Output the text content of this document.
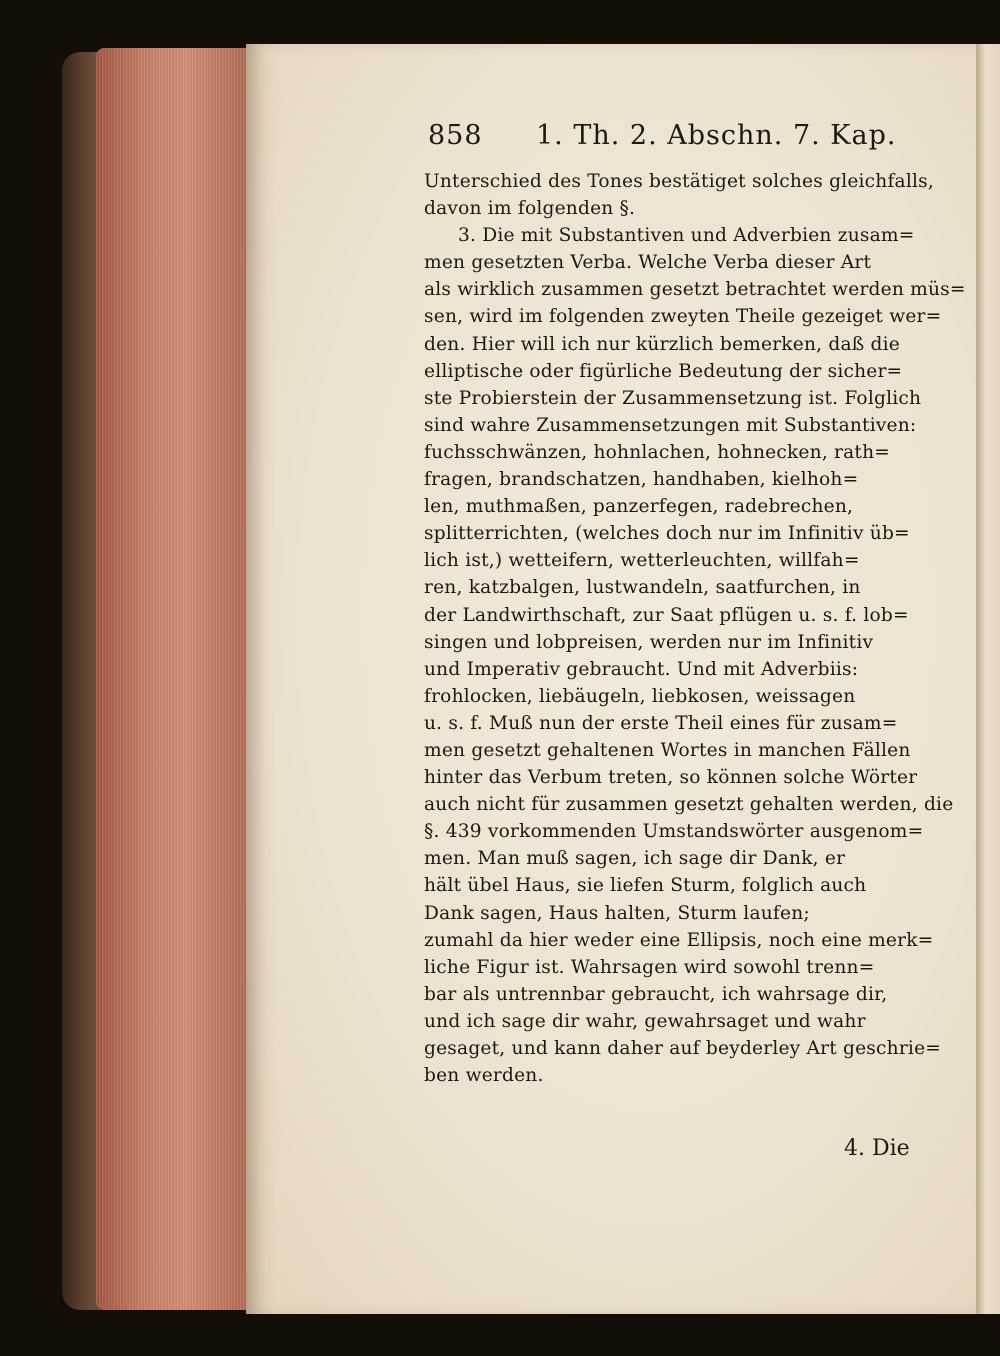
858 1. Th. 2. Abschn. 7. Kap.
Unterschied des Tones bestätiget solches gleichfalls,
davon im folgenden §.
3. Die mit Substantiven und Adverbien zusam=
men gesetzten Verba. Welche Verba dieser Art
als wirklich zusammen gesetzt betrachtet werden müs=
sen, wird im folgenden zweyten Theile gezeiget wer=
den. Hier will ich nur kürzlich bemerken, daß die
elliptische oder figürliche Bedeutung der sicher=
ste Probierstein der Zusammensetzung ist. Folglich
sind wahre Zusammensetzungen mit Substantiven:
fuchsschwänzen, hohnlachen, hohnecken, rath=
fragen, brandschatzen, handhaben, kielhoh=
len, muthmaßen, panzerfegen, radebrechen,
splitterrichten, (welches doch nur im Infinitiv üb=
lich ist,) wetteifern, wetterleuchten, willfah=
ren, katzbalgen, lustwandeln, saatfurchen, in
der Landwirthschaft, zur Saat pflügen u. s. f. lob=
singen und lobpreisen, werden nur im Infinitiv
und Imperativ gebraucht. Und mit Adverbiis:
frohlocken, liebäugeln, liebkosen, weissagen
u. s. f. Muß nun der erste Theil eines für zusam=
men gesetzt gehaltenen Wortes in manchen Fällen
hinter das Verbum treten, so können solche Wörter
auch nicht für zusammen gesetzt gehalten werden, die
§. 439 vorkommenden Umstandswörter ausgenom=
men. Man muß sagen, ich sage dir Dank, er
hält übel Haus, sie liefen Sturm, folglich auch
Dank sagen, Haus halten, Sturm laufen;
zumahl da hier weder eine Ellipsis, noch eine merk=
liche Figur ist. Wahrsagen wird sowohl trenn=
bar als untrennbar gebraucht, ich wahrsage dir,
und ich sage dir wahr, gewahrsaget und wahr
gesaget, und kann daher auf beyderley Art geschrie=
ben werden.
4. Die
